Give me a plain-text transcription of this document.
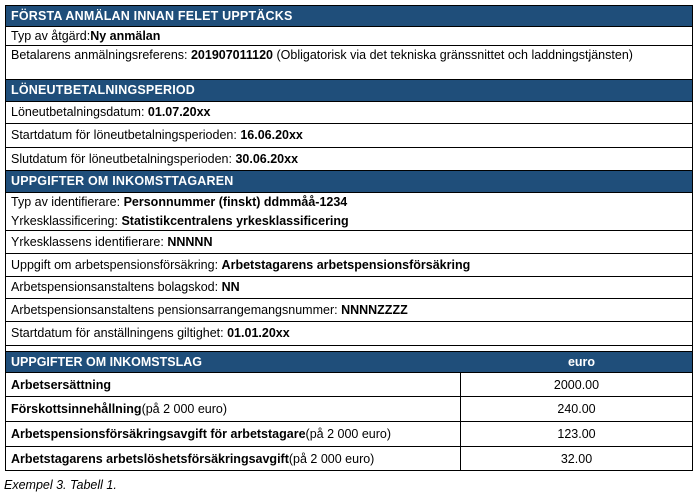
FÖRSTA ANMÄLAN INNAN FELET UPPTÄCKS
Typ av åtgärd: Ny anmälan
Betalarens anmälningsreferens: 201907011120 (Obligatorisk via det tekniska gränssnittet och laddningstjänsten)
LÖNEUTBETALNINGSPERIOD
Löneutbetalningsdatum:
01.07.20xx
Startdatum för löneutbetalningsperioden:
16.06.20xx
Slutdatum för löneutbetalningsperioden:
30.06.20xx
UPPGIFTER OM INKOMSTTAGAREN
Typ av identifierare:
Personnummer (finskt) ddmmåå-1234
Yrkesklassificering:
Statistikcentralens yrkesklassificering
Yrkesklassens identifierare:
NNNNN
Uppgift om arbetspensionsförsäkring:
Arbetstagarens arbetspensionsförsäkring
Arbetspensionsanstaltens bolagskod:
NN
Arbetspensionsanstaltens pensionsarrangemangsnummer:
NNNNZZZZ
Startdatum för anställningens giltighet:
01.01.20xx
UPPGIFTER OM INKOMSTSLAG	euro
Arbetsersättning	2000.00
Förskottsinnehållning (på 2 000 euro)	240.00
Arbetspensionsförsäkringsavgift för arbetstagare (på 2 000 euro)	123.00
Arbetstagarens arbetslöshetsförsäkringsavgift (på 2 000 euro)	32.00
Exempel 3. Tabell 1.
